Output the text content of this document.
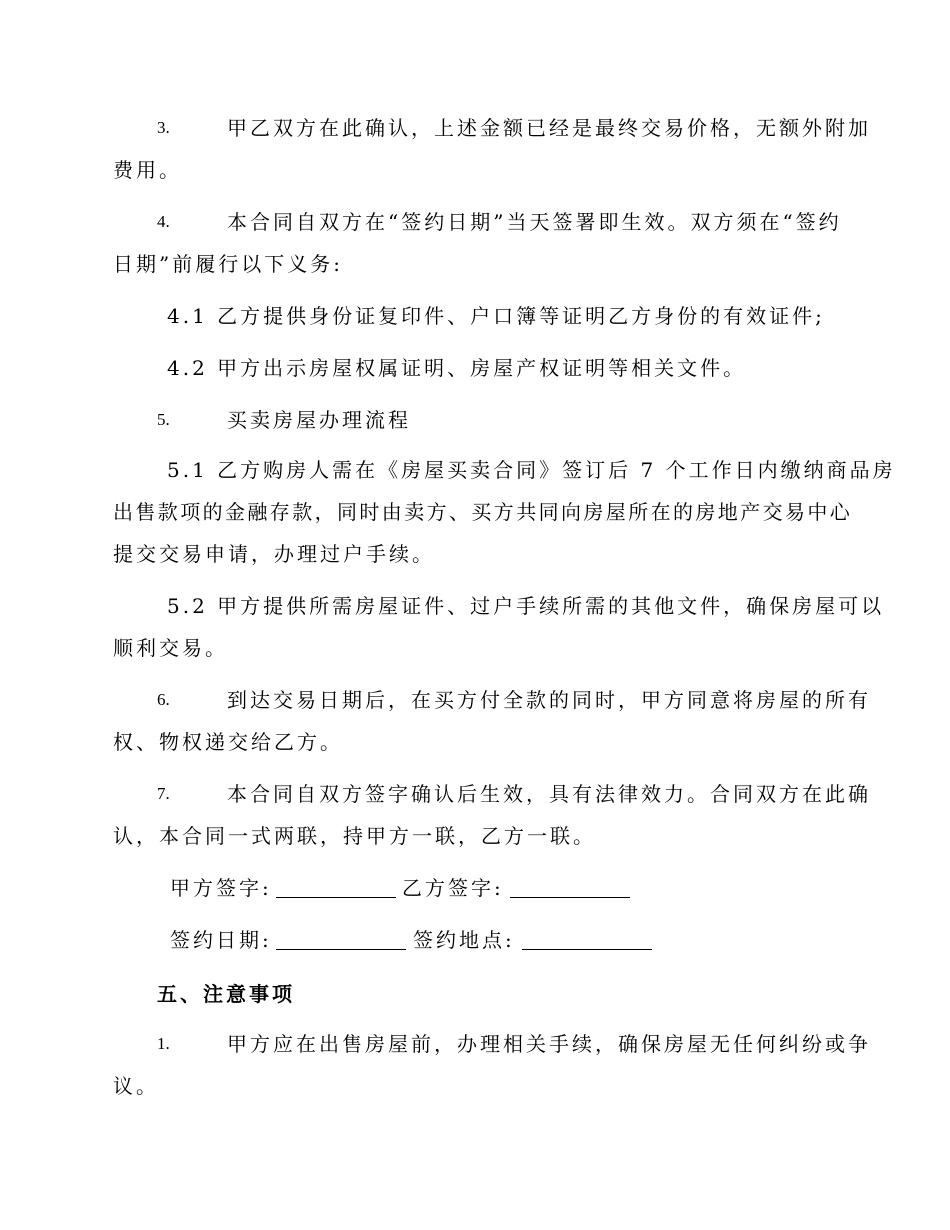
3.	甲乙双方在此确认，上述金额已经是最终交易价格，无额外附加
费用。
4.	本合同自双方在“签约日期”当天签署即生效。双方须在“签约
日期”前履行以下义务:
4.1 乙方提供身份证复印件、户口簿等证明乙方身份的有效证件;
4.2 甲方出示房屋权属证明、房屋产权证明等相关文件。
5.	买卖房屋办理流程
5.1 乙方购房人需在《房屋买卖合同》签订后 7 个工作日内缴纳商品房
出售款项的金融存款，同时由卖方、买方共同向房屋所在的房地产交易中心
提交交易申请，办理过户手续。
5.2 甲方提供所需房屋证件、过户手续所需的其他文件，确保房屋可以
顺利交易。
6.	到达交易日期后，在买方付全款的同时，甲方同意将房屋的所有
权、物权递交给乙方。
7.	本合同自双方签字确认后生效，具有法律效力。合同双方在此确
认，本合同一式两联，持甲方一联，乙方一联。
甲方签字:	乙方签字:
签约日期:	签约地点:
五、注意事项
1.	甲方应在出售房屋前，办理相关手续，确保房屋无任何纠纷或争
议。
